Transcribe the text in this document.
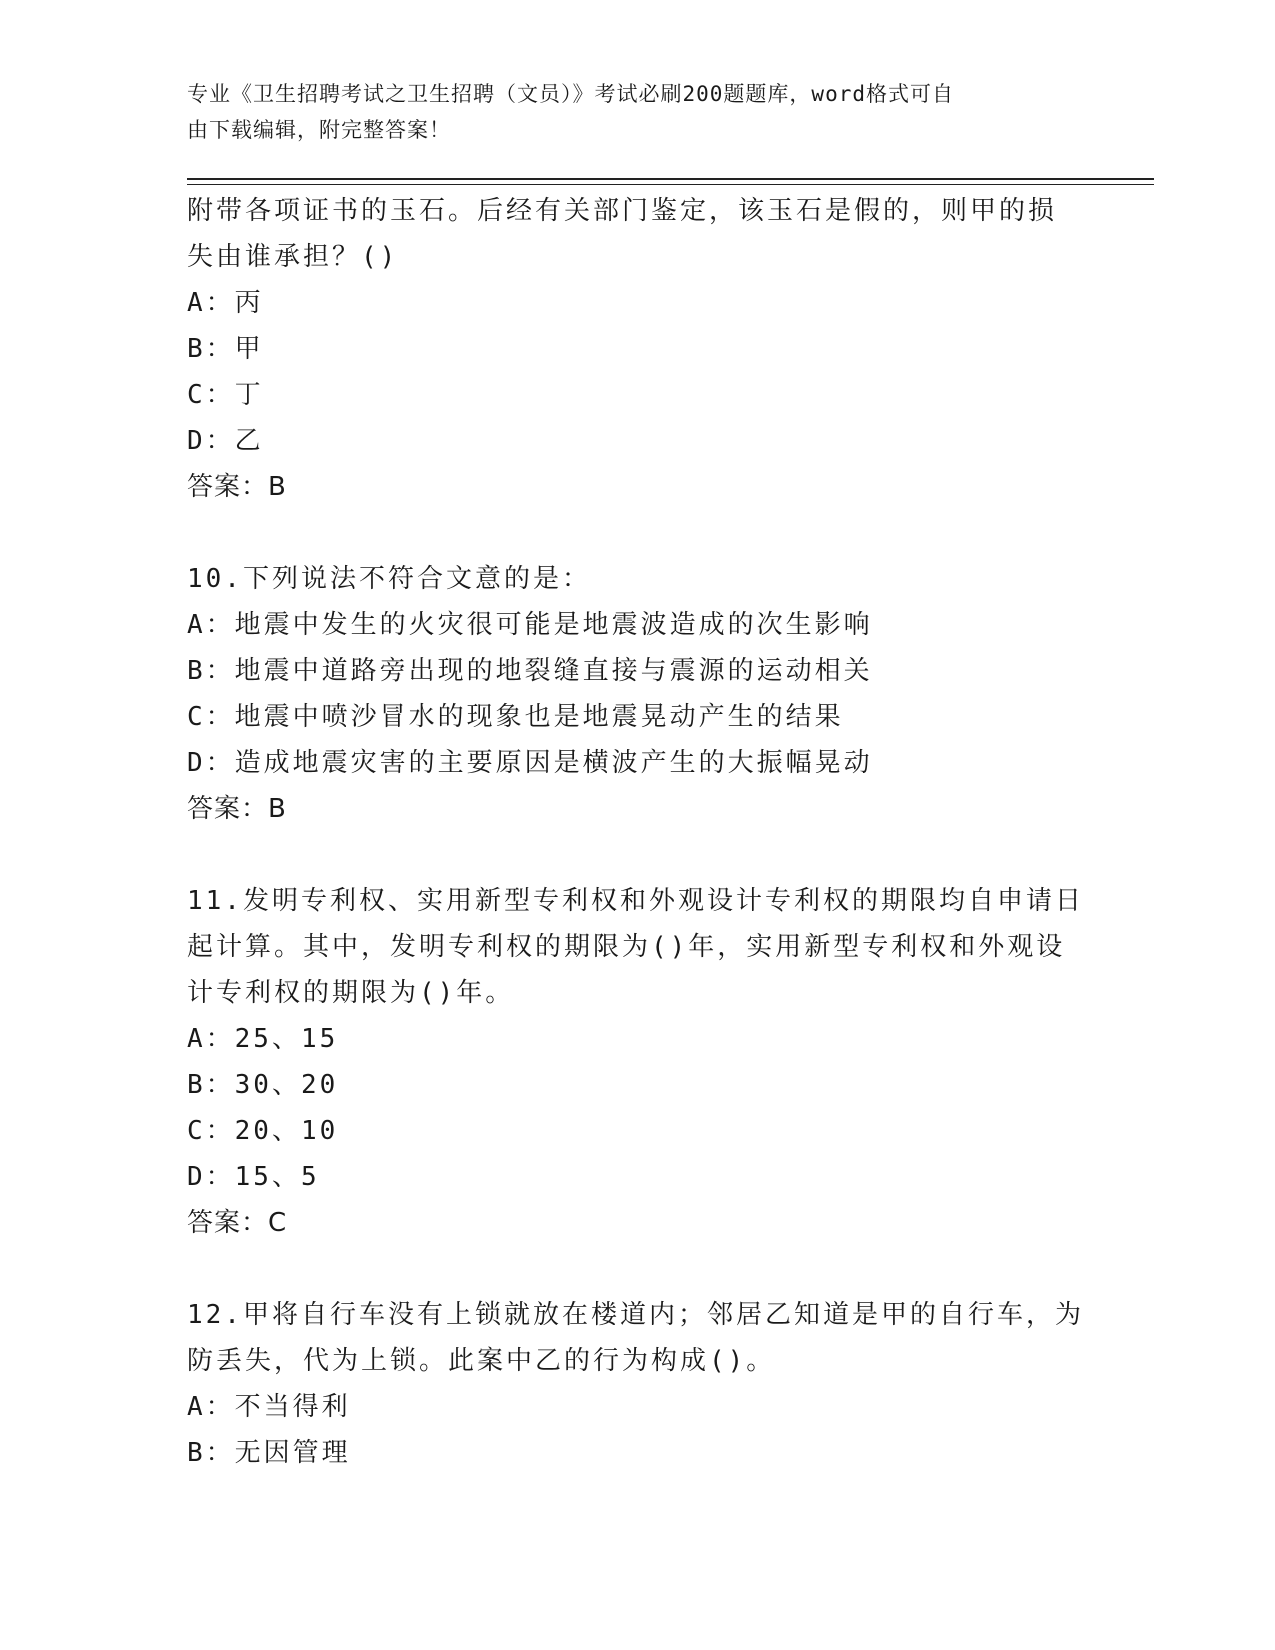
专业《卫生招聘考试之卫生招聘（文员）》考试必刷200题题库，word格式可自
由下载编辑，附完整答案！
附带各项证书的玉石。后经有关部门鉴定，该玉石是假的，则甲的损
失由谁承担？()
A：丙
B：甲
C：丁
D：乙
答案：B
10.下列说法不符合文意的是：
A：地震中发生的火灾很可能是地震波造成的次生影响
B：地震中道路旁出现的地裂缝直接与震源的运动相关
C：地震中喷沙冒水的现象也是地震晃动产生的结果
D：造成地震灾害的主要原因是横波产生的大振幅晃动
答案：B
11.发明专利权、实用新型专利权和外观设计专利权的期限均自申请日
起计算。其中，发明专利权的期限为()年，实用新型专利权和外观设
计专利权的期限为()年。
A：25、15
B：30、20
C：20、10
D：15、5
答案：C
12.甲将自行车没有上锁就放在楼道内；邻居乙知道是甲的自行车，为
防丢失，代为上锁。此案中乙的行为构成()。
A：不当得利
B：无因管理
